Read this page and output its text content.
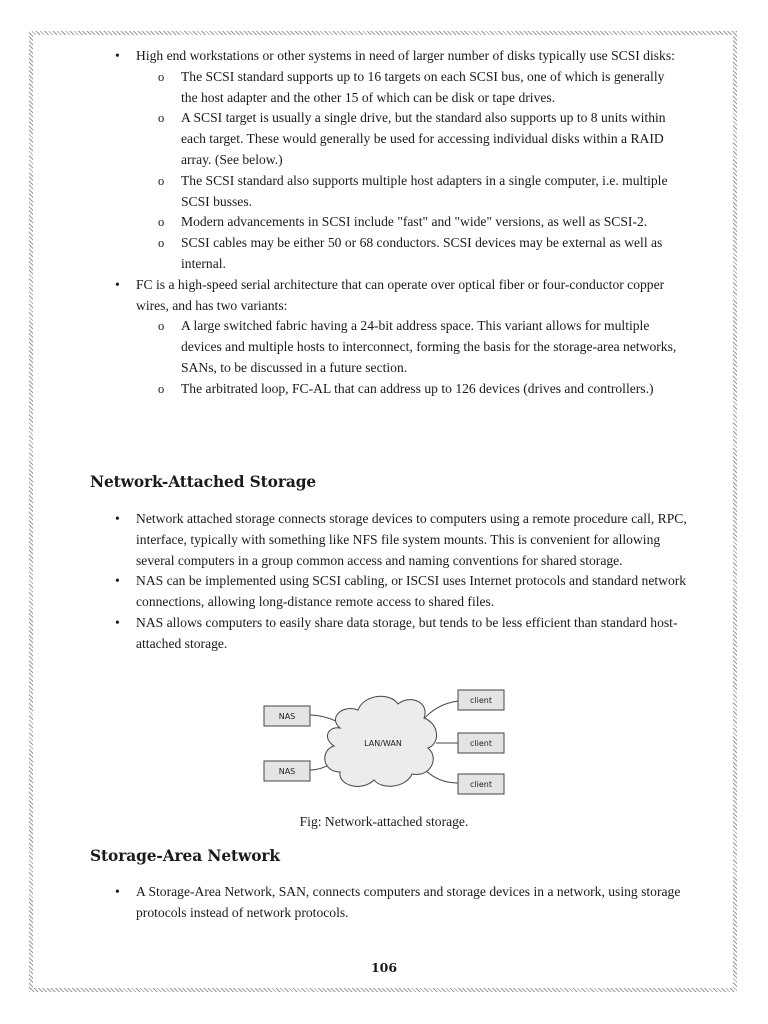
• High end workstations or other systems in need of larger number of disks typically use SCSI disks:
o The SCSI standard supports up to 16 targets on each SCSI bus, one of which is generally the host adapter and the other 15 of which can be disk or tape drives.
o A SCSI target is usually a single drive, but the standard also supports up to 8 units within each target. These would generally be used for accessing individual disks within a RAID array. (See below.)
o The SCSI standard also supports multiple host adapters in a single computer, i.e. multiple SCSI busses.
o Modern advancements in SCSI include "fast" and "wide" versions, as well as SCSI-2.
o SCSI cables may be either 50 or 68 conductors. SCSI devices may be external as well as internal.
• FC is a high-speed serial architecture that can operate over optical fiber or four-conductor copper wires, and has two variants:
o A large switched fabric having a 24-bit address space. This variant allows for multiple devices and multiple hosts to interconnect, forming the basis for the storage-area networks, SANs, to be discussed in a future section.
o The arbitrated loop, FC-AL that can address up to 126 devices (drives and controllers.)
Network-Attached Storage
• Network attached storage connects storage devices to computers using a remote procedure call, RPC, interface, typically with something like NFS file system mounts. This is convenient for allowing several computers in a group common access and naming conventions for shared storage.
• NAS can be implemented using SCSI cabling, or ISCSI uses Internet protocols and standard network connections, allowing long-distance remote access to shared files.
• NAS allows computers to easily share data storage, but tends to be less efficient than standard host-attached storage.
LAN/WAN
NAS
NAS
client
client
client
Fig: Network-attached storage.
Storage-Area Network
• A Storage-Area Network, SAN, connects computers and storage devices in a network, using storage protocols instead of network protocols.
106
